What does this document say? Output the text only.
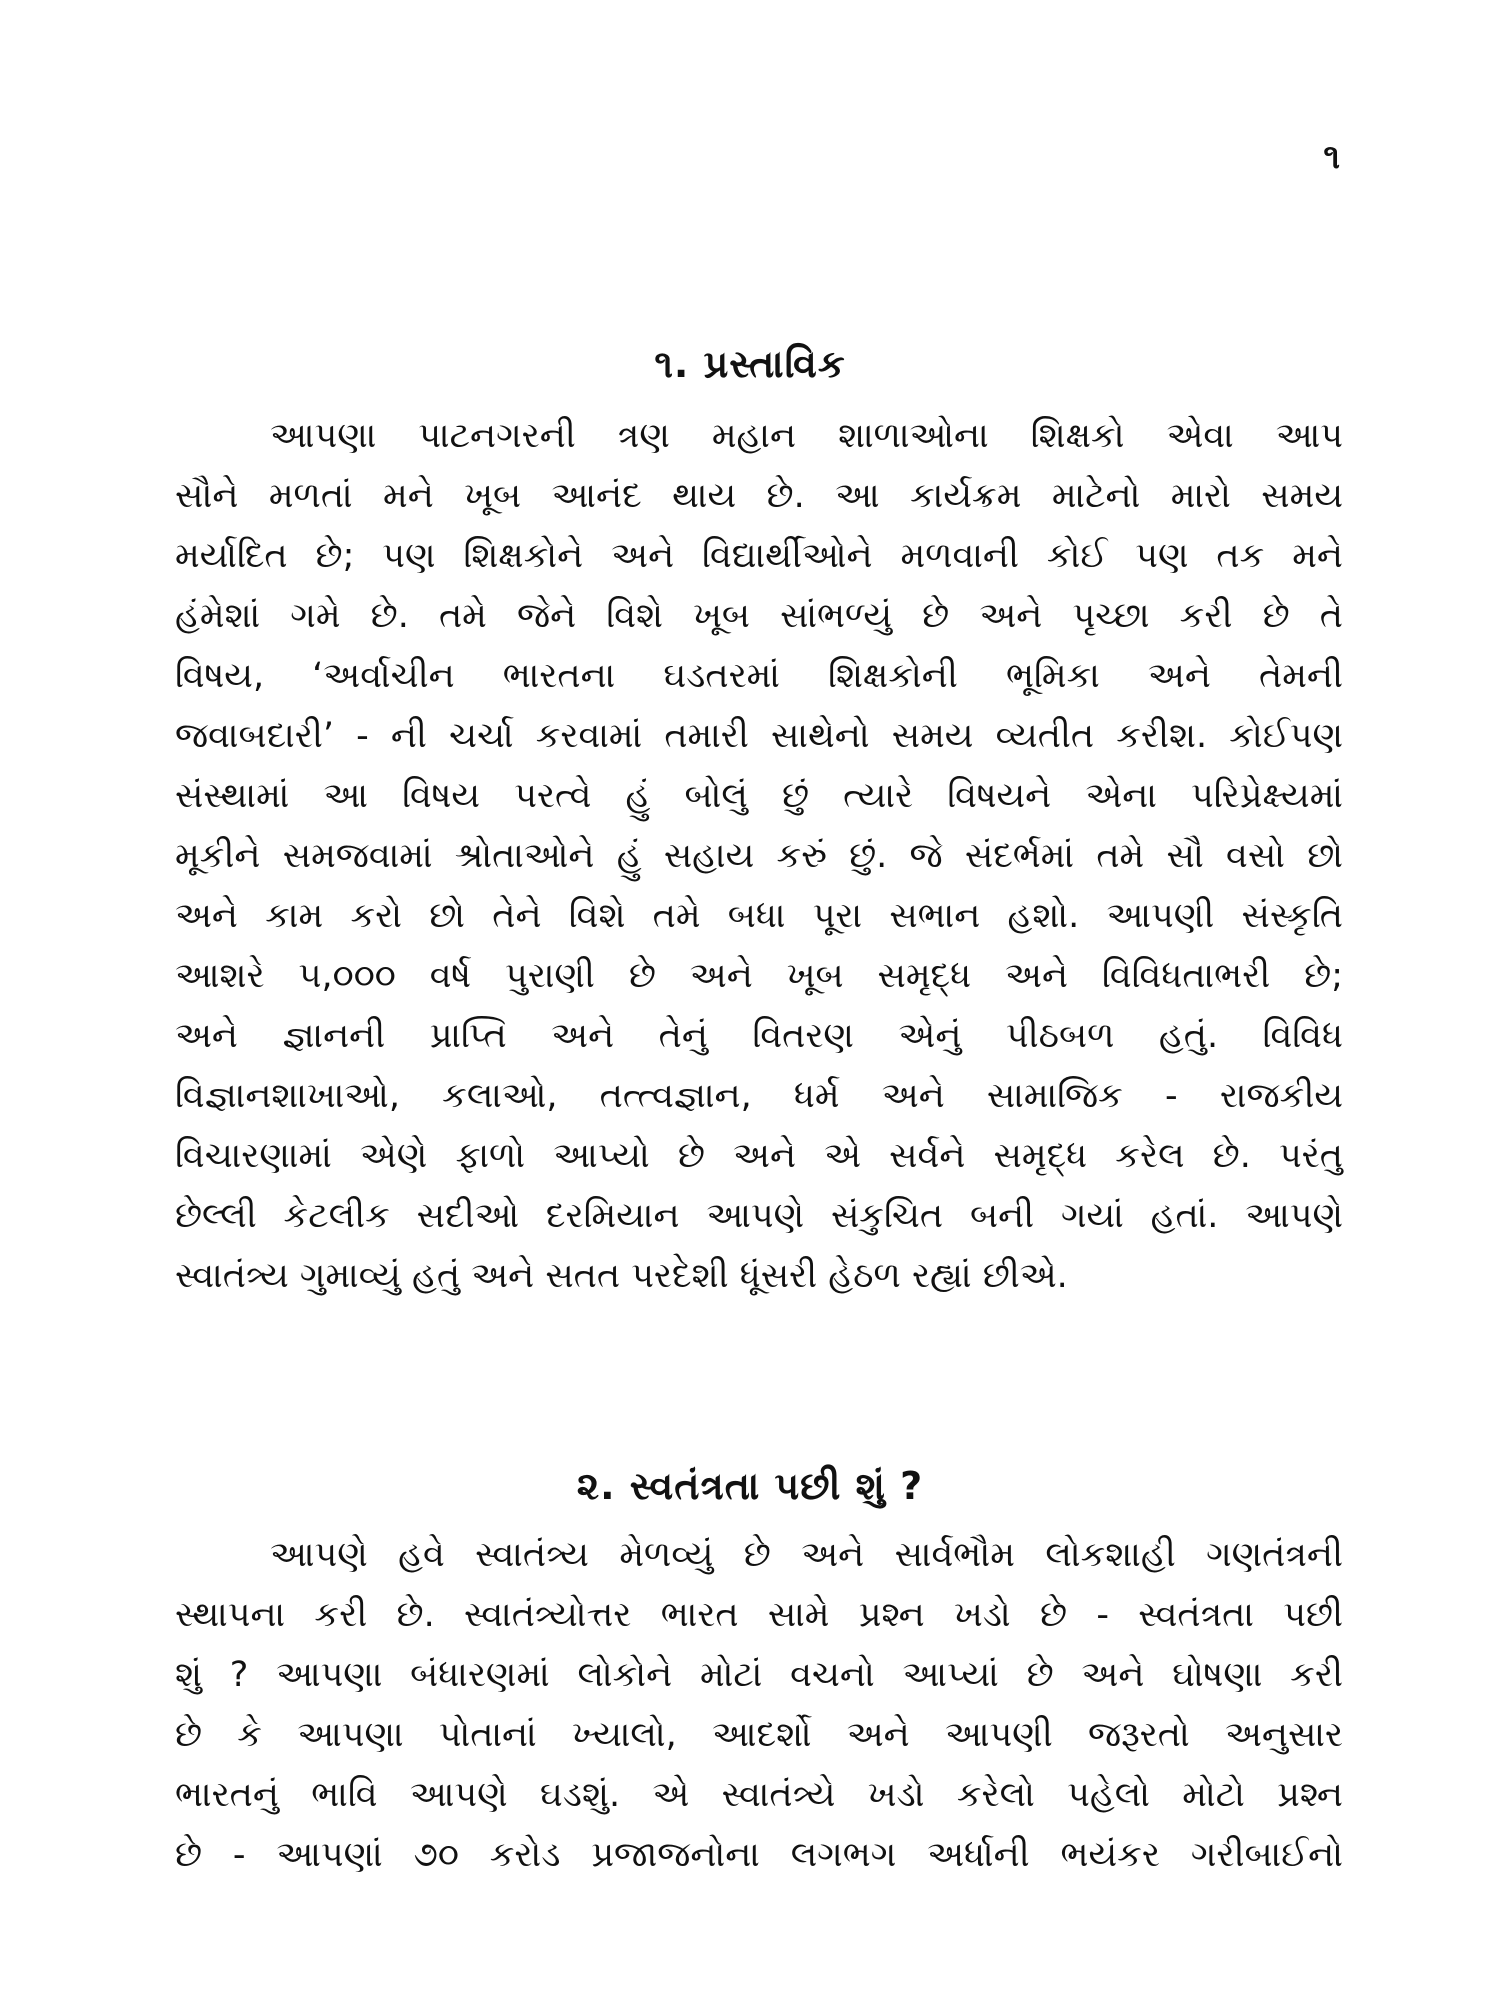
૧
૧. પ્રસ્તાવિક
આપણા પાટનગરની ત્રણ મહાન શાળાઓના શિક્ષકો એવા આપ
સૌને મળતાં મને ખૂબ આનંદ થાય છે. આ કાર્યક્રમ માટેનો મારો સમય
મર્યાદિત છે; પણ શિક્ષકોને અને વિદ્યાર્થીઓને મળવાની કોઈ પણ તક મને
હંમેશાં ગમે છે. તમે જેને વિશે ખૂબ સાંભળ્યું છે અને પૃચ્છા કરી છે તે
વિષય, ‘અર્વાચીન ભારતના ઘડતરમાં શિક્ષકોની ભૂમિકા અને તેમની
જવાબદારી’ - ની ચર્ચા કરવામાં તમારી સાથેનો સમય વ્યતીત કરીશ. કોઈપણ
સંસ્થામાં આ વિષય પરત્વે હું બોલું છું ત્યારે વિષયને એના પરિપ્રેક્ષ્યમાં
મૂકીને સમજવામાં શ્રોતાઓને હું સહાય કરું છું. જે સંદર્ભમાં તમે સૌ વસો છો
અને કામ કરો છો તેને વિશે તમે બધા પૂરા સભાન હશો. આપણી સંસ્કૃતિ
આશરે ૫,૦૦૦ વર્ષ પુરાણી છે અને ખૂબ સમૃદ્ધ અને વિવિધતાભરી છે;
અને જ્ઞાનની પ્રાપ્તિ અને તેનું વિતરણ એનું પીઠબળ હતું. વિવિધ
વિજ્ઞાનશાખાઓ, કલાઓ, તત્ત્વજ્ઞાન, ધર્મ અને સામાજિક - રાજકીય
વિચારણામાં એણે ફાળો આપ્યો છે અને એ સર્વને સમૃદ્ધ કરેલ છે. પરંતુ
છેલ્લી કેટલીક સદીઓ દરમિયાન આપણે સંકુચિત બની ગયાં હતાં. આપણે
સ્વાતંત્ર્ય ગુમાવ્યું હતું અને સતત પરદેશી ધૂંસરી હેઠળ રહ્યાં છીએ.
૨. સ્વતંત્રતા પછી શું ?
આપણે હવે સ્વાતંત્ર્ય મેળવ્યું છે અને સાર્વભૌમ લોકશાહી ગણતંત્રની
સ્થાપના કરી છે. સ્વાતંત્ર્યોત્તર ભારત સામે પ્રશ્ન ખડો છે - સ્વતંત્રતા પછી
શું ? આપણા બંધારણમાં લોકોને મોટાં વચનો આપ્યાં છે અને ઘોષણા કરી
છે કે આપણા પોતાનાં ખ્યાલો, આદર્શો અને આપણી જરૂરતો અનુસાર
ભારતનું ભાવિ આપણે ઘડશું. એ સ્વાતંત્ર્યે ખડો કરેલો પહેલો મોટો પ્રશ્ન
છે - આપણાં ૭૦ કરોડ પ્રજાજનોના લગભગ અર્ધાની ભયંકર ગરીબાઈનો
